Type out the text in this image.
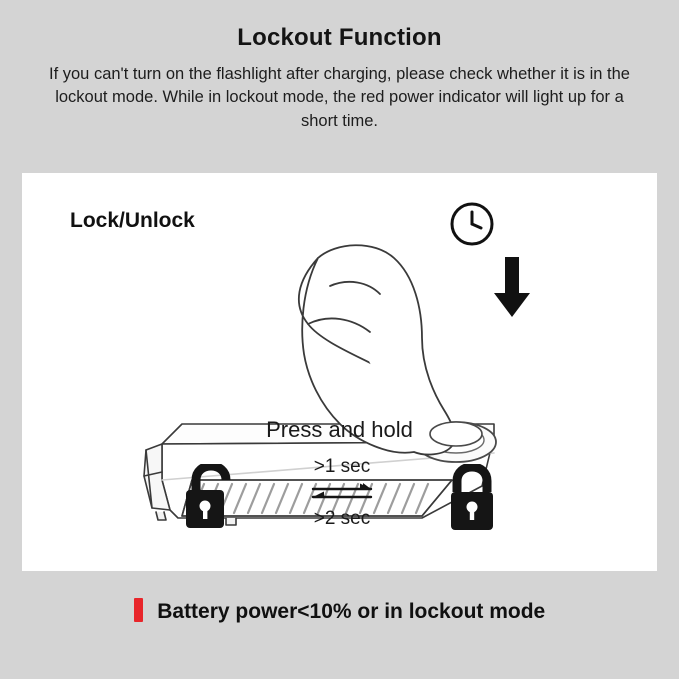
Lockout Function
If you can't turn on the flashlight after charging, please check whether it is in the lockout mode. While in lockout mode, the red power indicator will light up for a short time.
Lock/Unlock
Press and hold
>1 sec
>2 sec
Battery power<10% or in lockout mode
